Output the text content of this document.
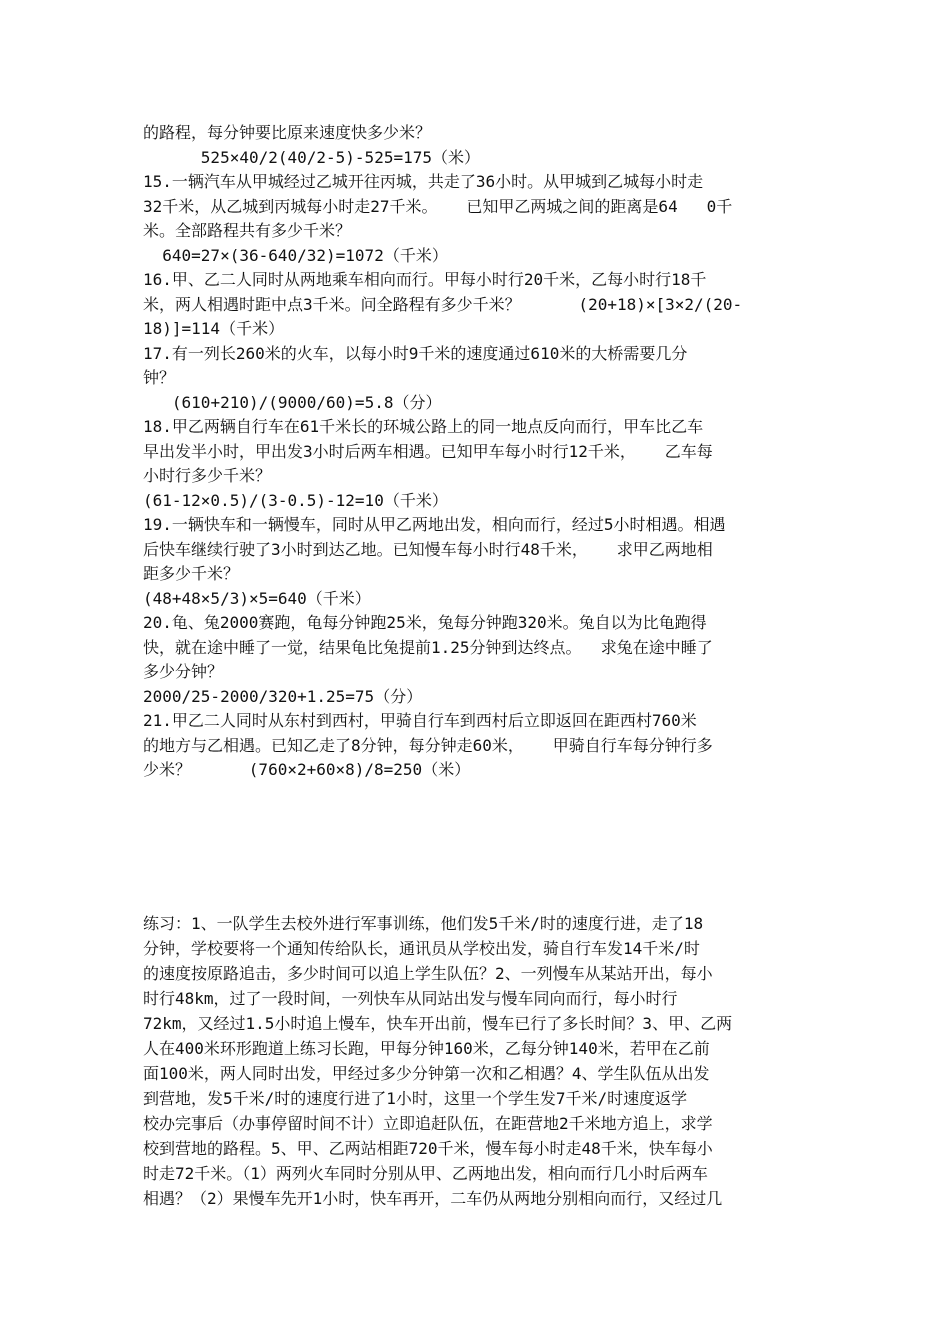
的路程，每分钟要比原来速度快多少米？
525×40/2(40/2-5)-525=175（米）
15.一辆汽车从甲城经过乙城开往丙城，共走了36小时。从甲城到乙城每小时走
32千米，从乙城到丙城每小时走27千米。   已知甲乙两城之间的距离是64   0千
米。全部路程共有多少千米？
640=27×(36-640/32)=1072（千米）
16.甲、乙二人同时从两地乘车相向而行。甲每小时行20千米，乙每小时行18千
米，两人相遇时距中点3千米。问全路程有多少千米？      (20+18)×[3×2/(20-
18)]=114（千米）
17.有一列长260米的火车，以每小时9千米的速度通过610米的大桥需要几分
钟？
(610+210)/(9000/60)=5.8（分）
18.甲乙两辆自行车在61千米长的环城公路上的同一地点反向而行，甲车比乙车
早出发半小时，甲出发3小时后两车相遇。已知甲车每小时行12千米，   乙车每
小时行多少千米？
(61-12×0.5)/(3-0.5)-12=10（千米）
19.一辆快车和一辆慢车，同时从甲乙两地出发，相向而行，经过5小时相遇。相遇
后快车继续行驶了3小时到达乙地。已知慢车每小时行48千米，   求甲乙两地相
距多少千米？
(48+48×5/3)×5=640（千米）
20.龟、兔2000赛跑，龟每分钟跑25米，兔每分钟跑320米。兔自以为比龟跑得
快，就在途中睡了一觉，结果龟比兔提前1.25分钟到达终点。  求兔在途中睡了
多少分钟？
2000/25-2000/320+1.25=75（分）
21.甲乙二人同时从东村到西村，甲骑自行车到西村后立即返回在距西村760米
的地方与乙相遇。已知乙走了8分钟，每分钟走60米，   甲骑自行车每分钟行多
少米？      (760×2+60×8)/8=250（米）
练习：1、一队学生去校外进行军事训练，他们发5千米/时的速度行进，走了18
分钟，学校要将一个通知传给队长，通讯员从学校出发，骑自行车发14千米/时
的速度按原路追击，多少时间可以追上学生队伍？2、一列慢车从某站开出，每小
时行48km，过了一段时间，一列快车从同站出发与慢车同向而行，每小时行
72km，又经过1.5小时追上慢车，快车开出前，慢车已行了多长时间？3、甲、乙两
人在400米环形跑道上练习长跑，甲每分钟160米，乙每分钟140米，若甲在乙前
面100米，两人同时出发，甲经过多少分钟第一次和乙相遇？4、学生队伍从出发
到营地，发5千米/时的速度行进了1小时，这里一个学生发7千米/时速度返学
校办完事后（办事停留时间不计）立即追赶队伍，在距营地2千米地方追上，求学
校到营地的路程。5、甲、乙两站相距720千米，慢车每小时走48千米，快车每小
时走72千米。（1）两列火车同时分别从甲、乙两地出发，相向而行几小时后两车
相遇？（2）果慢车先开1小时，快车再开，二车仍从两地分别相向而行，又经过几
